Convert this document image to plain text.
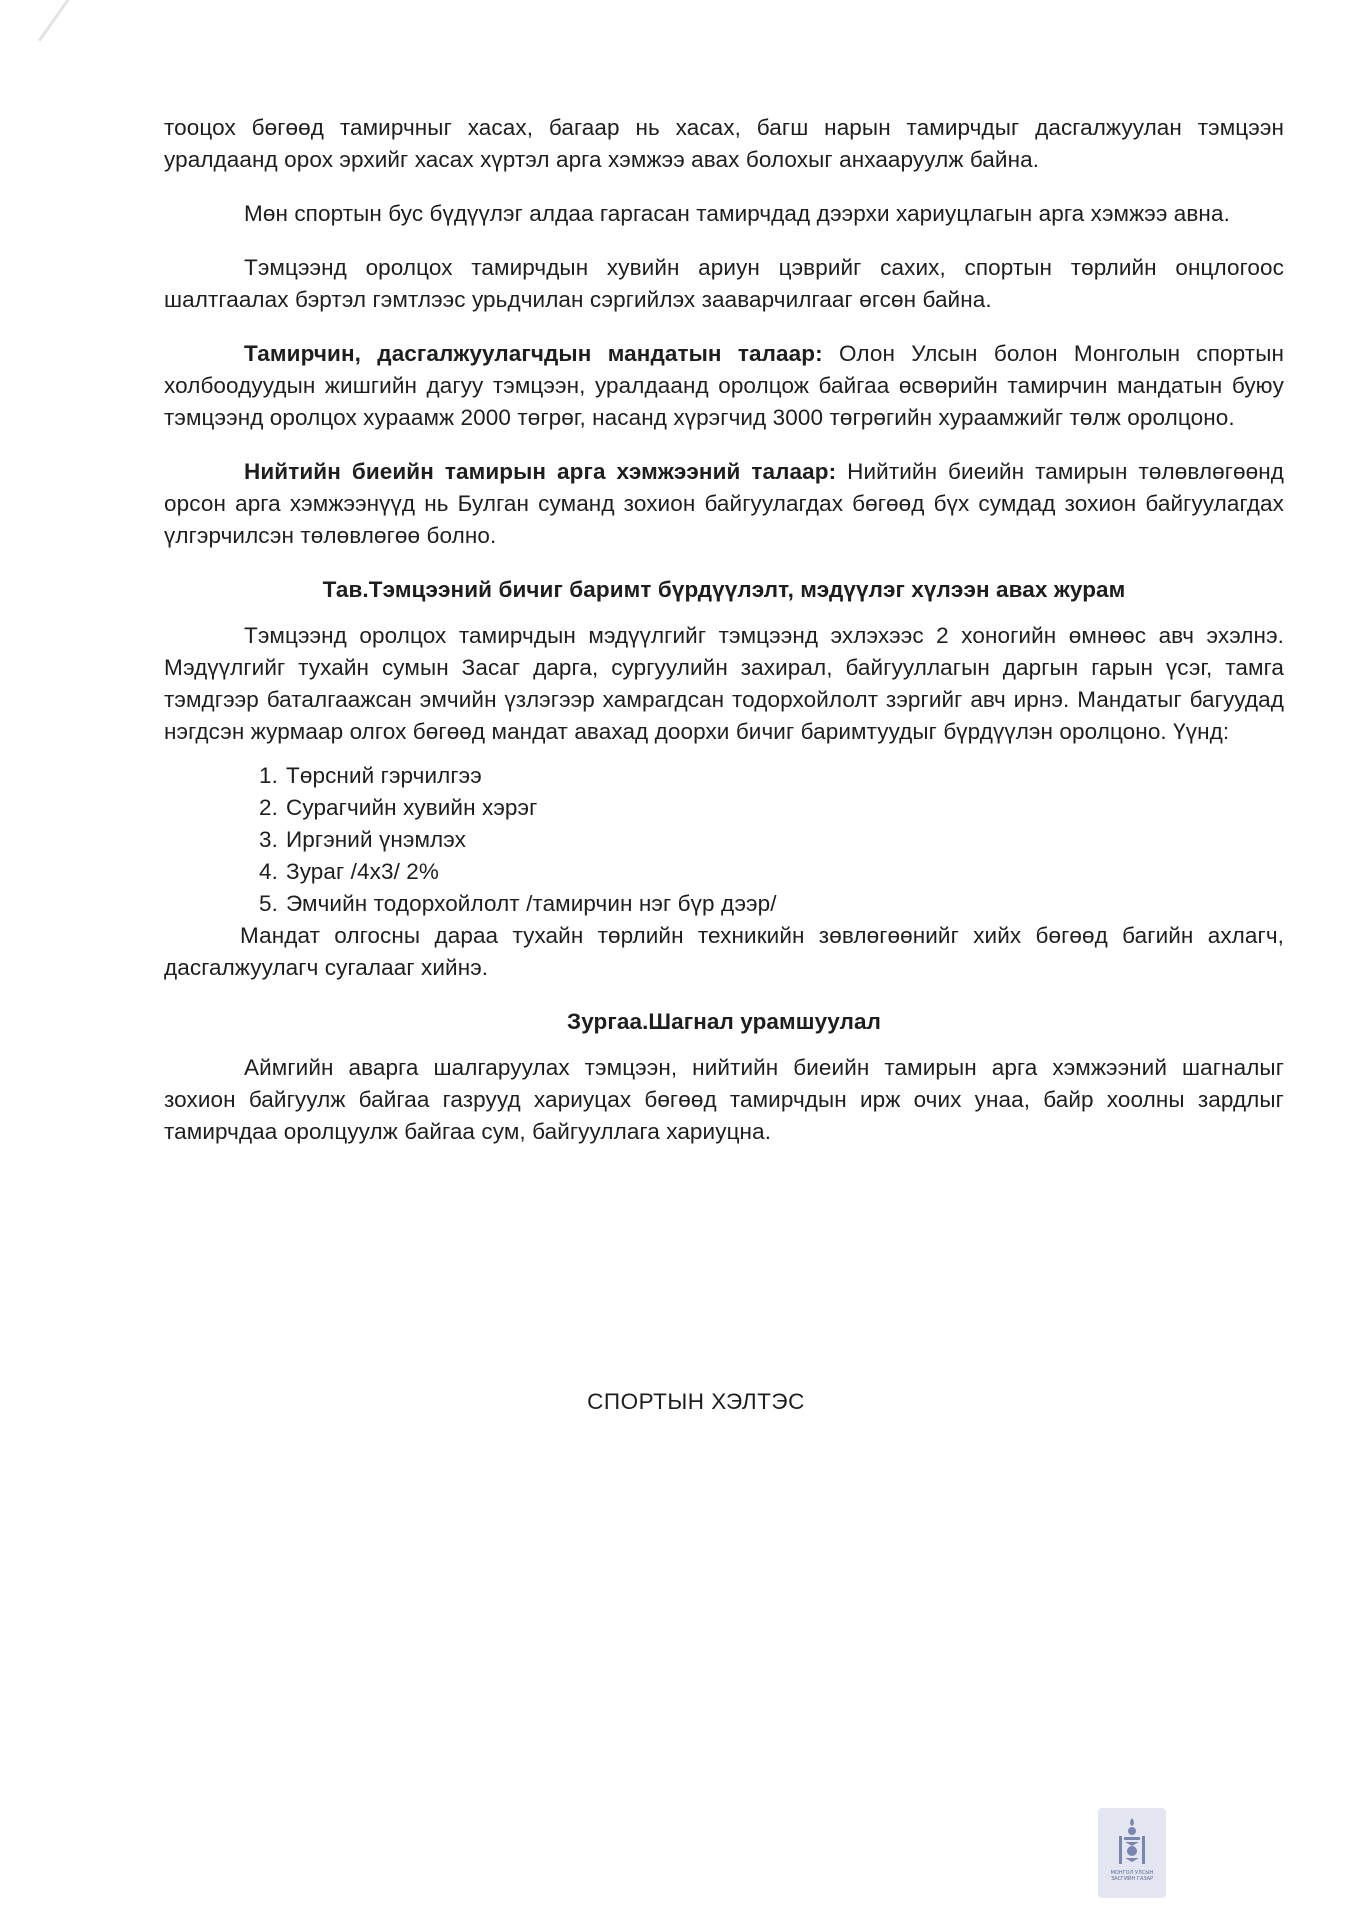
тооцох бөгөөд тамирчныг хасах, багаар нь хасах, багш нарын тамирчдыг дасгалжуулан тэмцээн уралдаанд орох эрхийг хасах хүртэл арга хэмжээ авах болохыг анхааруулж байна.

Мөн спортын бус бүдүүлэг алдаа гаргасан тамирчдад дээрхи хариуцлагын арга хэмжээ авна.

Тэмцээнд оролцох тамирчдын хувийн ариун цэврийг сахих, спортын төрлийн онцлогоос шалтгаалах бэртэл гэмтлээс урьдчилан сэргийлэх зааварчилгааг өгсөн байна.

Тамирчин, дасгалжуулагчдын мандатын талаар: Олон Улсын болон Монголын спортын холбоодуудын жишгийн дагуу тэмцээн, уралдаанд оролцож байгаа өсвөрийн тамирчин мандатын буюу тэмцээнд оролцох хураамж 2000 төгрөг, насанд хүрэгчид 3000 төгрөгийн хураамжийг төлж оролцоно.

Нийтийн биеийн тамирын арга хэмжээний талаар: Нийтийн биеийн тамирын төлөвлөгөөнд орсон арга хэмжээнүүд нь Булган суманд зохион байгуулагдах бөгөөд бүх сумдад зохион байгуулагдах үлгэрчилсэн төлөвлөгөө болно.

Тав.Тэмцээний бичиг баримт бүрдүүлэлт, мэдүүлэг хүлээн авах журам

Тэмцээнд оролцох тамирчдын мэдүүлгийг тэмцээнд эхлэхээс 2 хоногийн өмнөөс авч эхэлнэ. Мэдүүлгийг тухайн сумын Засаг дарга, сургуулийн захирал, байгууллагын даргын гарын үсэг, тамга тэмдгээр баталгаажсан эмчийн үзлэгээр хамрагдсан тодорхойлолт зэргийг авч ирнэ. Мандатыг багуудад нэгдсэн журмаар олгох бөгөөд мандат авахад доорхи бичиг баримтуудыг бүрдүүлэн оролцоно. Үүнд:

1. Төрсний гэрчилгээ
2. Сурагчийн хувийн хэрэг
3. Иргэний үнэмлэх
4. Зураг /4x3/ 2%
5. Эмчийн тодорхойлолт /тамирчин нэг бүр дээр/

Мандат олгосны дараа тухайн төрлийн техникийн зөвлөгөөнийг хийх бөгөөд багийн ахлагч, дасгалжуулагч сугалааг хийнэ.

Зургаа.Шагнал урамшуулал

Аймгийн аварга шалгаруулах тэмцээн, нийтийн биеийн тамирын арга хэмжээний шагналыг зохион байгуулж байгаа газрууд хариуцах бөгөөд тамирчдын ирж очих унаа, байр хоолны зардлыг тамирчдаа оролцуулж байгаа сум, байгууллага хариуцна.

СПОРТЫН ХЭЛТЭС
МОНГОЛ УЛСЫН
ЗАСГИЙН ГАЗАР
